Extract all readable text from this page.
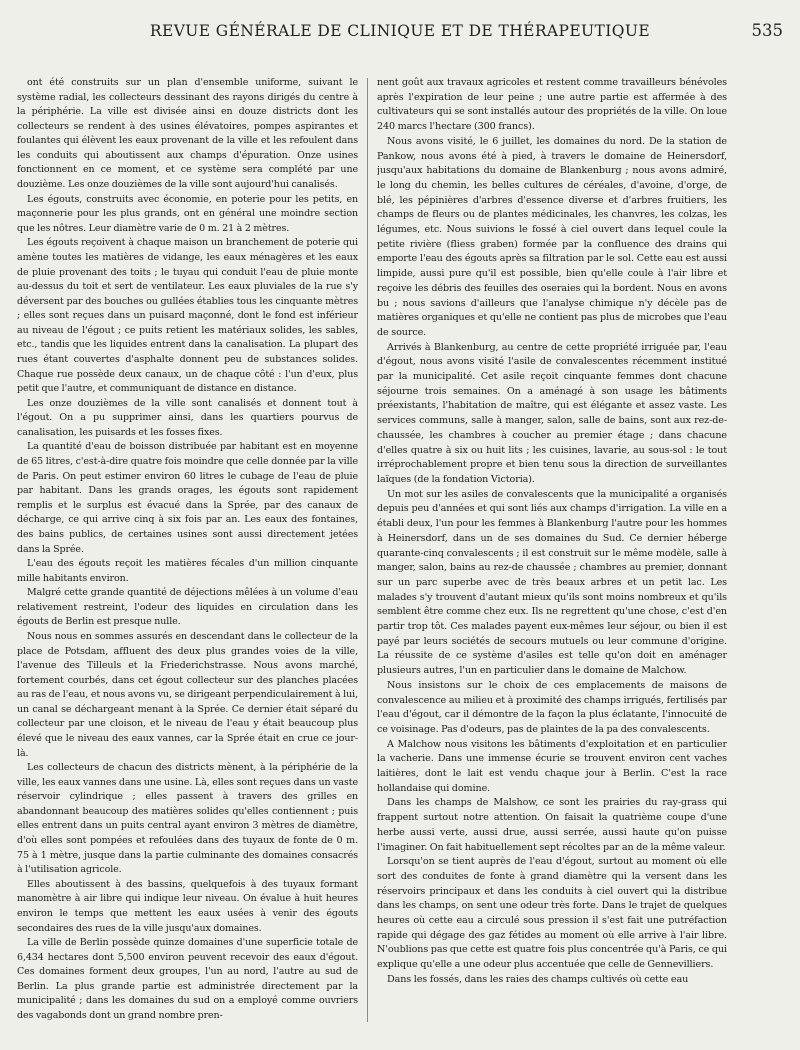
REVUE GÉNÉRALE DE CLINIQUE ET DE THÉRAPEUTIQUE	535

ont été construits sur un plan d'ensemble uniforme, suivant le système radial, les collecteurs dessinant des rayons dirigés du centre à la périphérie. La ville est divisée ainsi en douze districts dont les collecteurs se rendent à des usines élévatoires, pompes aspirantes et foulantes qui élèvent les eaux provenant de la ville et les refoulent dans les conduits qui aboutissent aux champs d'épuration. Onze usines fonctionnent en ce moment, et ce système sera complété par une douzième. Les onze douzièmes de la ville sont aujourd'hui canalisés.

Les égouts, construits avec économie, en poterie pour les petits, en maçonnerie pour les plus grands, ont en général une moindre section que les nôtres. Leur diamètre varie de 0 m. 21 à 2 mètres.

Les égouts reçoivent à chaque maison un branchement de poterie qui amène toutes les matières de vidange, les eaux ménagères et les eaux de pluie provenant des toits ; le tuyau qui conduit l'eau de pluie monte au-dessus du toit et sert de ventilateur. Les eaux pluviales de la rue s'y déversent par des bouches ou gullées établies tous les cinquante mètres ; elles sont reçues dans un puisard maçonné, dont le fond est inférieur au niveau de l'égout ; ce puits retient les matériaux solides, les sables, etc., tandis que les liquides entrent dans la canalisation. La plupart des rues étant couvertes d'asphalte donnent peu de substances solides. Chaque rue possède deux canaux, un de chaque côté : l'un d'eux, plus petit que l'autre, et communiquant de distance en distance.

Les onze douzièmes de la ville sont canalisés et donnent tout à l'égout. On a pu supprimer ainsi, dans les quartiers pourvus de canalisation, les puisards et les fosses fixes.

La quantité d'eau de boisson distribuée par habitant est en moyenne de 65 litres, c'est-à-dire quatre fois moindre que celle donnée par la ville de Paris. On peut estimer environ 60 litres le cubage de l'eau de pluie par habitant. Dans les grands orages, les égouts sont rapidement remplis et le surplus est évacué dans la Sprée, par des canaux de décharge, ce qui arrive cinq à six fois par an. Les eaux des fontaines, des bains publics, de certaines usines sont aussi directement jetées dans la Sprée.

L'eau des égouts reçoit les matières fécales d'un million cinquante mille habitants environ.

Malgré cette grande quantité de déjections mêlées à un volume d'eau relativement restreint, l'odeur des liquides en circulation dans les égouts de Berlin est presque nulle.

Nous nous en sommes assurés en descendant dans le collecteur de la place de Potsdam, affluent des deux plus grandes voies de la ville, l'avenue des Tilleuls et la Friederichstrasse. Nous avons marché, fortement courbés, dans cet égout collecteur sur des planches placées au ras de l'eau, et nous avons vu, se dirigeant perpendiculairement à lui, un canal se déchargeant menant à la Sprée. Ce dernier était séparé du collecteur par une cloison, et le niveau de l'eau y était beaucoup plus élevé que le niveau des eaux vannes, car la Sprée était en crue ce jour-là.

Les collecteurs de chacun des districts mènent, à la périphérie de la ville, les eaux vannes dans une usine. Là, elles sont reçues dans un vaste réservoir cylindrique ; elles passent à travers des grilles en abandonnant beaucoup des matières solides qu'elles contiennent ; puis elles entrent dans un puits central ayant environ 3 mètres de diamètre, d'où elles sont pompées et refoulées dans des tuyaux de fonte de 0 m. 75 à 1 mètre, jusque dans la partie culminante des domaines consacrés à l'utilisation agricole.

Elles aboutissent à des bassins, quelquefois à des tuyaux formant manomètre à air libre qui indique leur niveau. On évalue à huit heures environ le temps que mettent les eaux usées à venir des égouts secondaires des rues de la ville jusqu'aux domaines.

La ville de Berlin possède quinze domaines d'une superficie totale de 6,434 hectares dont 5,500 environ peuvent recevoir des eaux d'égout. Ces domaines forment deux groupes, l'un au nord, l'autre au sud de Berlin. La plus grande partie est administrée directement par la municipalité ; dans les domaines du sud on a employé comme ouvriers des vagabonds dont un grand nombre pren-

nent goût aux travaux agricoles et restent comme travailleurs bénévoles après l'expiration de leur peine ; une autre partie est affermée à des cultivateurs qui se sont installés autour des propriétés de la ville. On loue 240 marcs l'hectare (300 francs).

Nous avons visité, le 6 juillet, les domaines du nord. De la station de Pankow, nous avons été à pied, à travers le domaine de Heinersdorf, jusqu'aux habitations du domaine de Blankenburg ; nous avons admiré, le long du chemin, les belles cultures de céréales, d'avoine, d'orge, de blé, les pépinières d'arbres d'essence diverse et d'arbres fruitiers, les champs de fleurs ou de plantes médicinales, les chanvres, les colzas, les légumes, etc. Nous suivions le fossé à ciel ouvert dans lequel coule la petite rivière (fliess graben) formée par la confluence des drains qui emporte l'eau des égouts après sa filtration par le sol. Cette eau est aussi limpide, aussi pure qu'il est possible, bien qu'elle coule à l'air libre et reçoive les débris des feuilles des oseraies qui la bordent. Nous en avons bu ; nous savions d'ailleurs que l'analyse chimique n'y décèle pas de matières organiques et qu'elle ne contient pas plus de microbes que l'eau de source.

Arrivés à Blankenburg, au centre de cette propriété irriguée par, l'eau d'égout, nous avons visité l'asile de convalescentes récemment institué par la municipalité. Cet asile reçoit cinquante femmes dont chacune séjourne trois semaines. On a aménagé à son usage les bâtiments préexistants, l'habitation de maître, qui est élégante et assez vaste. Les services communs, salle à manger, salon, salle de bains, sont aux rez-de-chaussée, les chambres à coucher au premier étage ; dans chacune d'elles quatre à six ou huit lits ; les cuisines, lavarie, au sous-sol : le tout irréprochablement propre et bien tenu sous la direction de surveillantes laïques (de la fondation Victoria).

Un mot sur les asiles de convalescents que la municipalité a organisés depuis peu d'années et qui sont liés aux champs d'irrigation. La ville en a établi deux, l'un pour les femmes à Blankenburg l'autre pour les hommes à Heinersdorf, dans un de ses domaines du Sud. Ce dernier héberge quarante-cinq convalescents ; il est construit sur le même modèle, salle à manger, salon, bains au rez-de chaussée ; chambres au premier, donnant sur un parc superbe avec de très beaux arbres et un petit lac. Les malades s'y trouvent d'autant mieux qu'ils sont moins nombreux et qu'ils semblent être comme chez eux. Ils ne regrettent qu'une chose, c'est d'en partir trop tôt. Ces malades payent eux-mêmes leur séjour, ou bien il est payé par leurs sociétés de secours mutuels ou leur commune d'origine. La réussite de ce système d'asiles est telle qu'on doit en aménager plusieurs autres, l'un en particulier dans le domaine de Malchow.

Nous insistons sur le choix de ces emplacements de maisons de convalescence au milieu et à proximité des champs irrigués, fertilisés par l'eau d'égout, car il démontre de la façon la plus éclatante, l'innocuité de ce voisinage. Pas d'odeurs, pas de plaintes de la pa des convalescents.

A Malchow nous visitons les bâtiments d'exploitation et en particulier la vacherie. Dans une immense écurie se trouvent environ cent vaches laitières, dont le lait est vendu chaque jour à Berlin. C'est la race hollandaise qui domine.

Dans les champs de Malshow, ce sont les prairies du ray-grass qui frappent surtout notre attention. On faisait la quatrième coupe d'une herbe aussi verte, aussi drue, aussi serrée, aussi haute qu'on puisse l'imaginer. On fait habituellement sept récoltes par an de la même valeur.

Lorsqu'on se tient auprès de l'eau d'égout, surtout au moment où elle sort des conduites de fonte à grand diamètre qui la versent dans les réservoirs principaux et dans les conduits à ciel ouvert qui la distribue dans les champs, on sent une odeur très forte. Dans le trajet de quelques heures où cette eau a circulé sous pression il s'est fait une putréfaction rapide qui dégage des gaz fétides au moment où elle arrive à l'air libre. N'oublions pas que cette est quatre fois plus concentrée qu'à Paris, ce qui explique qu'elle a une odeur plus accentuée que celle de Gennevilliers.

Dans les fossés, dans les raies des champs cultivés où cette eau
